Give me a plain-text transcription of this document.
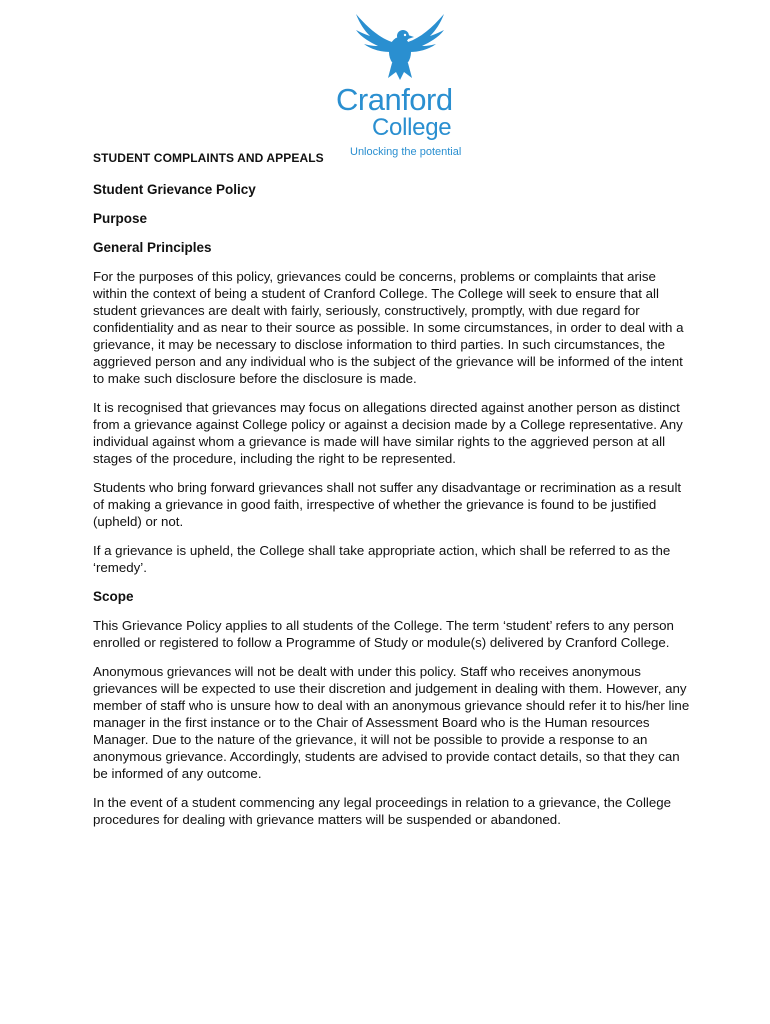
Cranford
College
Unlocking the potential
STUDENT COMPLAINTS AND APPEALS
Student Grievance Policy
Purpose
General Principles

For the purposes of this policy, grievances could be concerns, problems or complaints that arise within the context of being a student of Cranford College. The College will seek to ensure that all student grievances are dealt with fairly, seriously, constructively, promptly, with due regard for confidentiality and as near to their source as possible. In some circumstances, in order to deal with a grievance, it may be necessary to disclose information to third parties. In such circumstances, the aggrieved person and any individual who is the subject of the grievance will be informed of the intent to make such disclosure before the disclosure is made.

It is recognised that grievances may focus on allegations directed against another person as distinct from a grievance against College policy or against a decision made by a College representative. Any individual against whom a grievance is made will have similar rights to the aggrieved person at all stages of the procedure, including the right to be represented.

Students who bring forward grievances shall not suffer any disadvantage or recrimination as a result of making a grievance in good faith, irrespective of whether the grievance is found to be justified (upheld) or not.

If a grievance is upheld, the College shall take appropriate action, which shall be referred to as the ‘remedy’.

Scope

This Grievance Policy applies to all students of the College. The term ‘student’ refers to any person enrolled or registered to follow a Programme of Study or module(s) delivered by Cranford College.

Anonymous grievances will not be dealt with under this policy. Staff who receives anonymous grievances will be expected to use their discretion and judgement in dealing with them. However, any member of staff who is unsure how to deal with an anonymous grievance should refer it to his/her line manager in the first instance or to the Chair of Assessment Board who is the Human resources Manager. Due to the nature of the grievance, it will not be possible to provide a response to an anonymous grievance. Accordingly, students are advised to provide contact details, so that they can be informed of any outcome.

In the event of a student commencing any legal proceedings in relation to a grievance, the College procedures for dealing with grievance matters will be suspended or abandoned.
